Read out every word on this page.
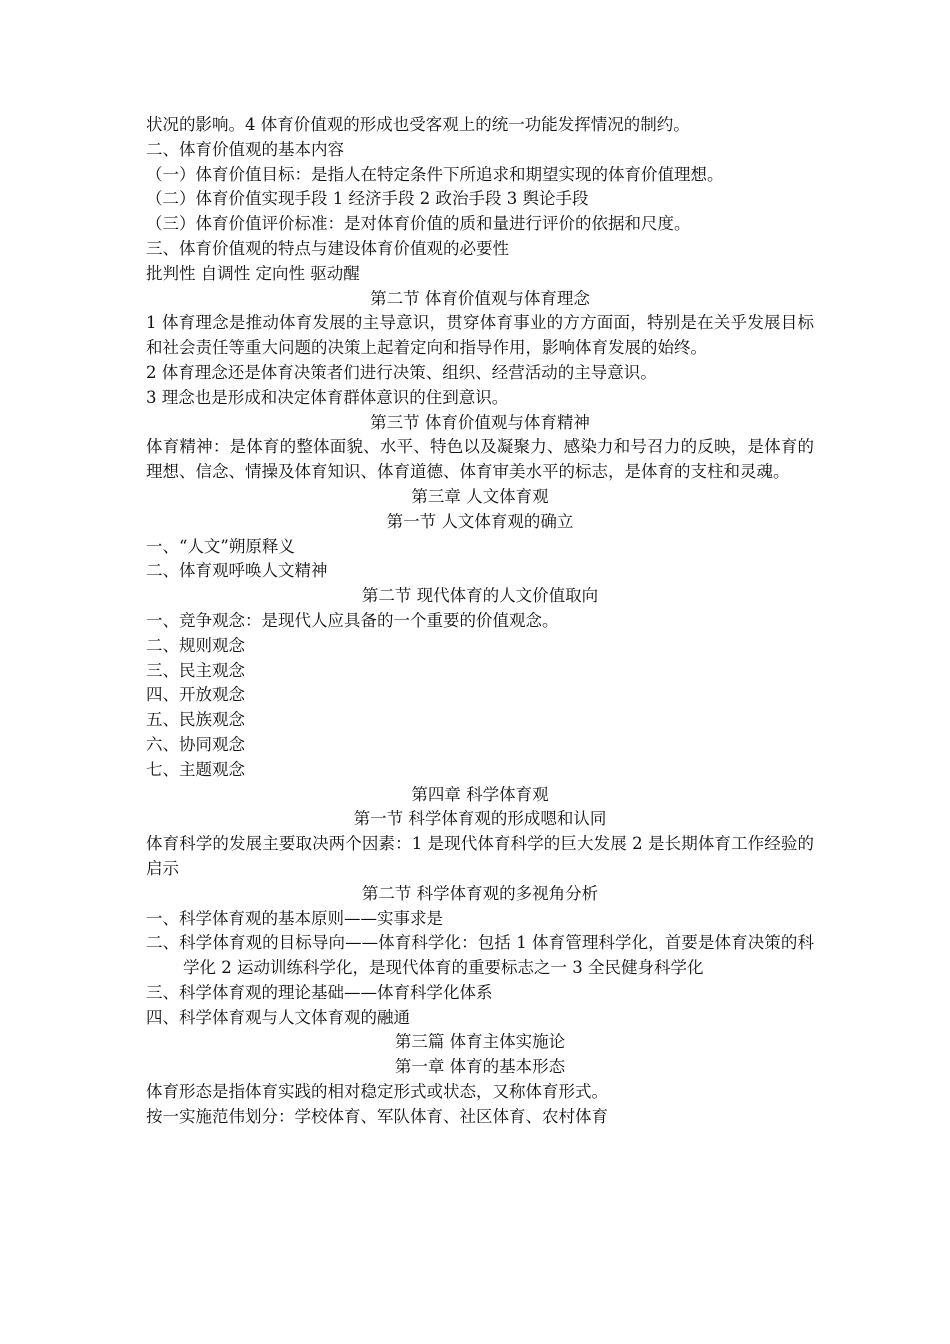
状况的影响。4 体育价值观的形成也受客观上的统一功能发挥情况的制约。
二、体育价值观的基本内容
（一）体育价值目标：是指人在特定条件下所追求和期望实现的体育价值理想。
（二）体育价值实现手段 1 经济手段 2 政治手段 3 舆论手段
（三）体育价值评价标准：是对体育价值的质和量进行评价的依据和尺度。
三、体育价值观的特点与建设体育价值观的必要性
批判性 自调性 定向性 驱动醒
第二节 体育价值观与体育理念
1 体育理念是推动体育发展的主导意识，贯穿体育事业的方方面面，特别是在关乎发展目标和社会责任等重大问题的决策上起着定向和指导作用，影响体育发展的始终。
2 体育理念还是体育决策者们进行决策、组织、经营活动的主导意识。
3 理念也是形成和决定体育群体意识的住到意识。
第三节 体育价值观与体育精神
体育精神：是体育的整体面貌、水平、特色以及凝聚力、感染力和号召力的反映，是体育的理想、信念、情操及体育知识、体育道德、体育审美水平的标志，是体育的支柱和灵魂。
第三章 人文体育观
第一节 人文体育观的确立
一、“人文”朔原释义
二、体育观呼唤人文精神
第二节 现代体育的人文价值取向
一、竞争观念：是现代人应具备的一个重要的价值观念。
二、规则观念
三、民主观念
四、开放观念
五、民族观念
六、协同观念
七、主题观念
第四章 科学体育观
第一节 科学体育观的形成嗯和认同
体育科学的发展主要取决两个因素：1 是现代体育科学的巨大发展 2 是长期体育工作经验的启示
第二节 科学体育观的多视角分析
一、科学体育观的基本原则——实事求是
二、科学体育观的目标导向——体育科学化：包括 1 体育管理科学化，首要是体育决策的科学化 2 运动训练科学化，是现代体育的重要标志之一 3 全民健身科学化
三、科学体育观的理论基础——体育科学化体系
四、科学体育观与人文体育观的融通
第三篇 体育主体实施论
第一章 体育的基本形态
体育形态是指体育实践的相对稳定形式或状态，又称体育形式。
按一实施范伟划分：学校体育、军队体育、社区体育、农村体育
